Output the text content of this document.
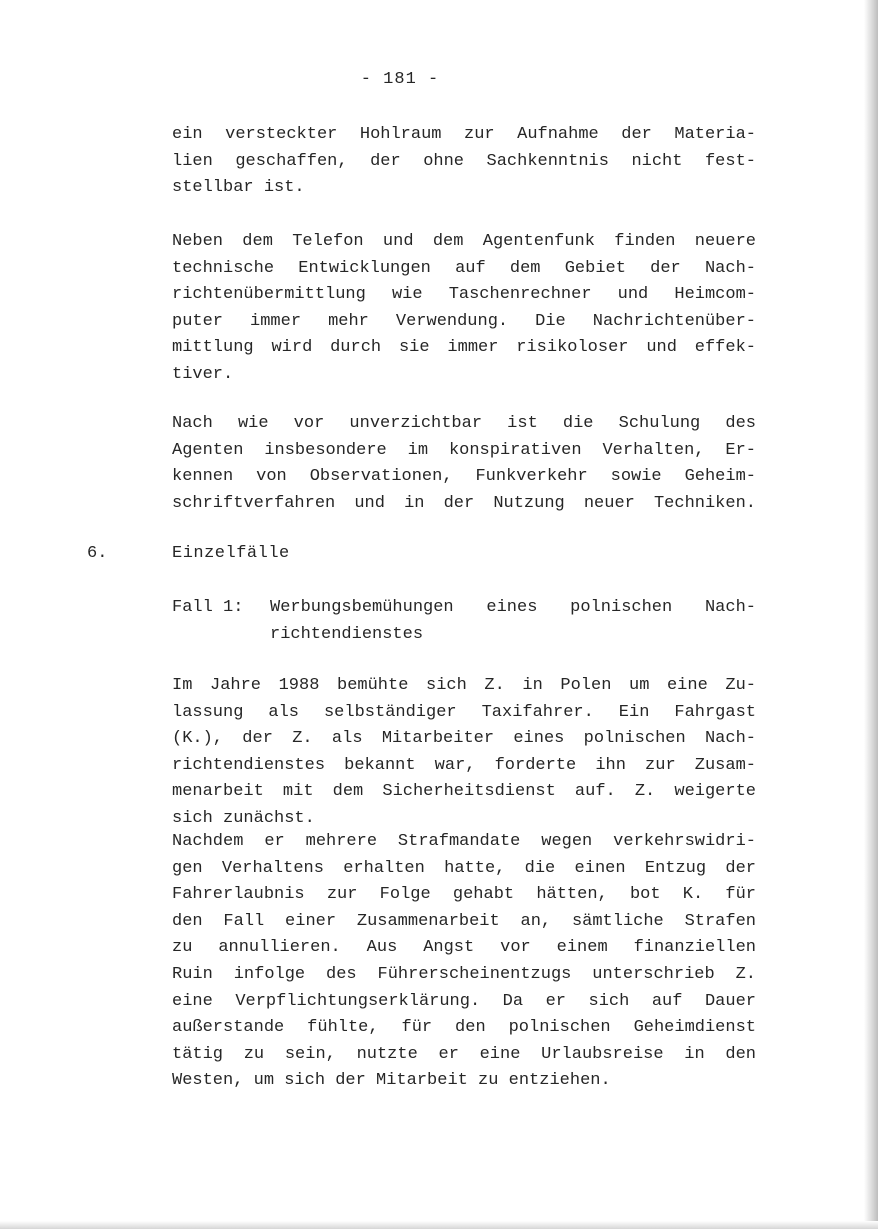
- 181 -
ein versteckter Hohlraum zur Aufnahme der Materia-
lien geschaffen, der ohne Sachkenntnis nicht fest-
stellbar ist.
Neben dem Telefon und dem Agentenfunk finden neuere
technische Entwicklungen auf dem Gebiet der Nach-
richtenübermittlung wie Taschenrechner und Heimcom-
puter immer mehr Verwendung. Die Nachrichtenüber-
mittlung wird durch sie immer risikoloser und effek-
tiver.
Nach wie vor unverzichtbar ist die Schulung des
Agenten insbesondere im konspirativen Verhalten, Er-
kennen von Observationen, Funkverkehr sowie Geheim-
schriftverfahren und in der Nutzung neuer Techniken.
6.	Einzelfälle
Fall 1: Werbungsbemühungen eines polnischen Nach-
richtendienstes
Im Jahre 1988 bemühte sich Z. in Polen um eine Zu-
lassung als selbständiger Taxifahrer. Ein Fahrgast
(K.), der Z. als Mitarbeiter eines polnischen Nach-
richtendienstes bekannt war, forderte ihn zur Zusam-
menarbeit mit dem Sicherheitsdienst auf. Z. weigerte
sich zunächst.
Nachdem er mehrere Strafmandate wegen verkehrswidri-
gen Verhaltens erhalten hatte, die einen Entzug der
Fahrerlaubnis zur Folge gehabt hätten, bot K. für
den Fall einer Zusammenarbeit an, sämtliche Strafen
zu annullieren. Aus Angst vor einem finanziellen
Ruin infolge des Führerscheinentzugs unterschrieb Z.
eine Verpflichtungserklärung. Da er sich auf Dauer
außerstande fühlte, für den polnischen Geheimdienst
tätig zu sein, nutzte er eine Urlaubsreise in den
Westen, um sich der Mitarbeit zu entziehen.
